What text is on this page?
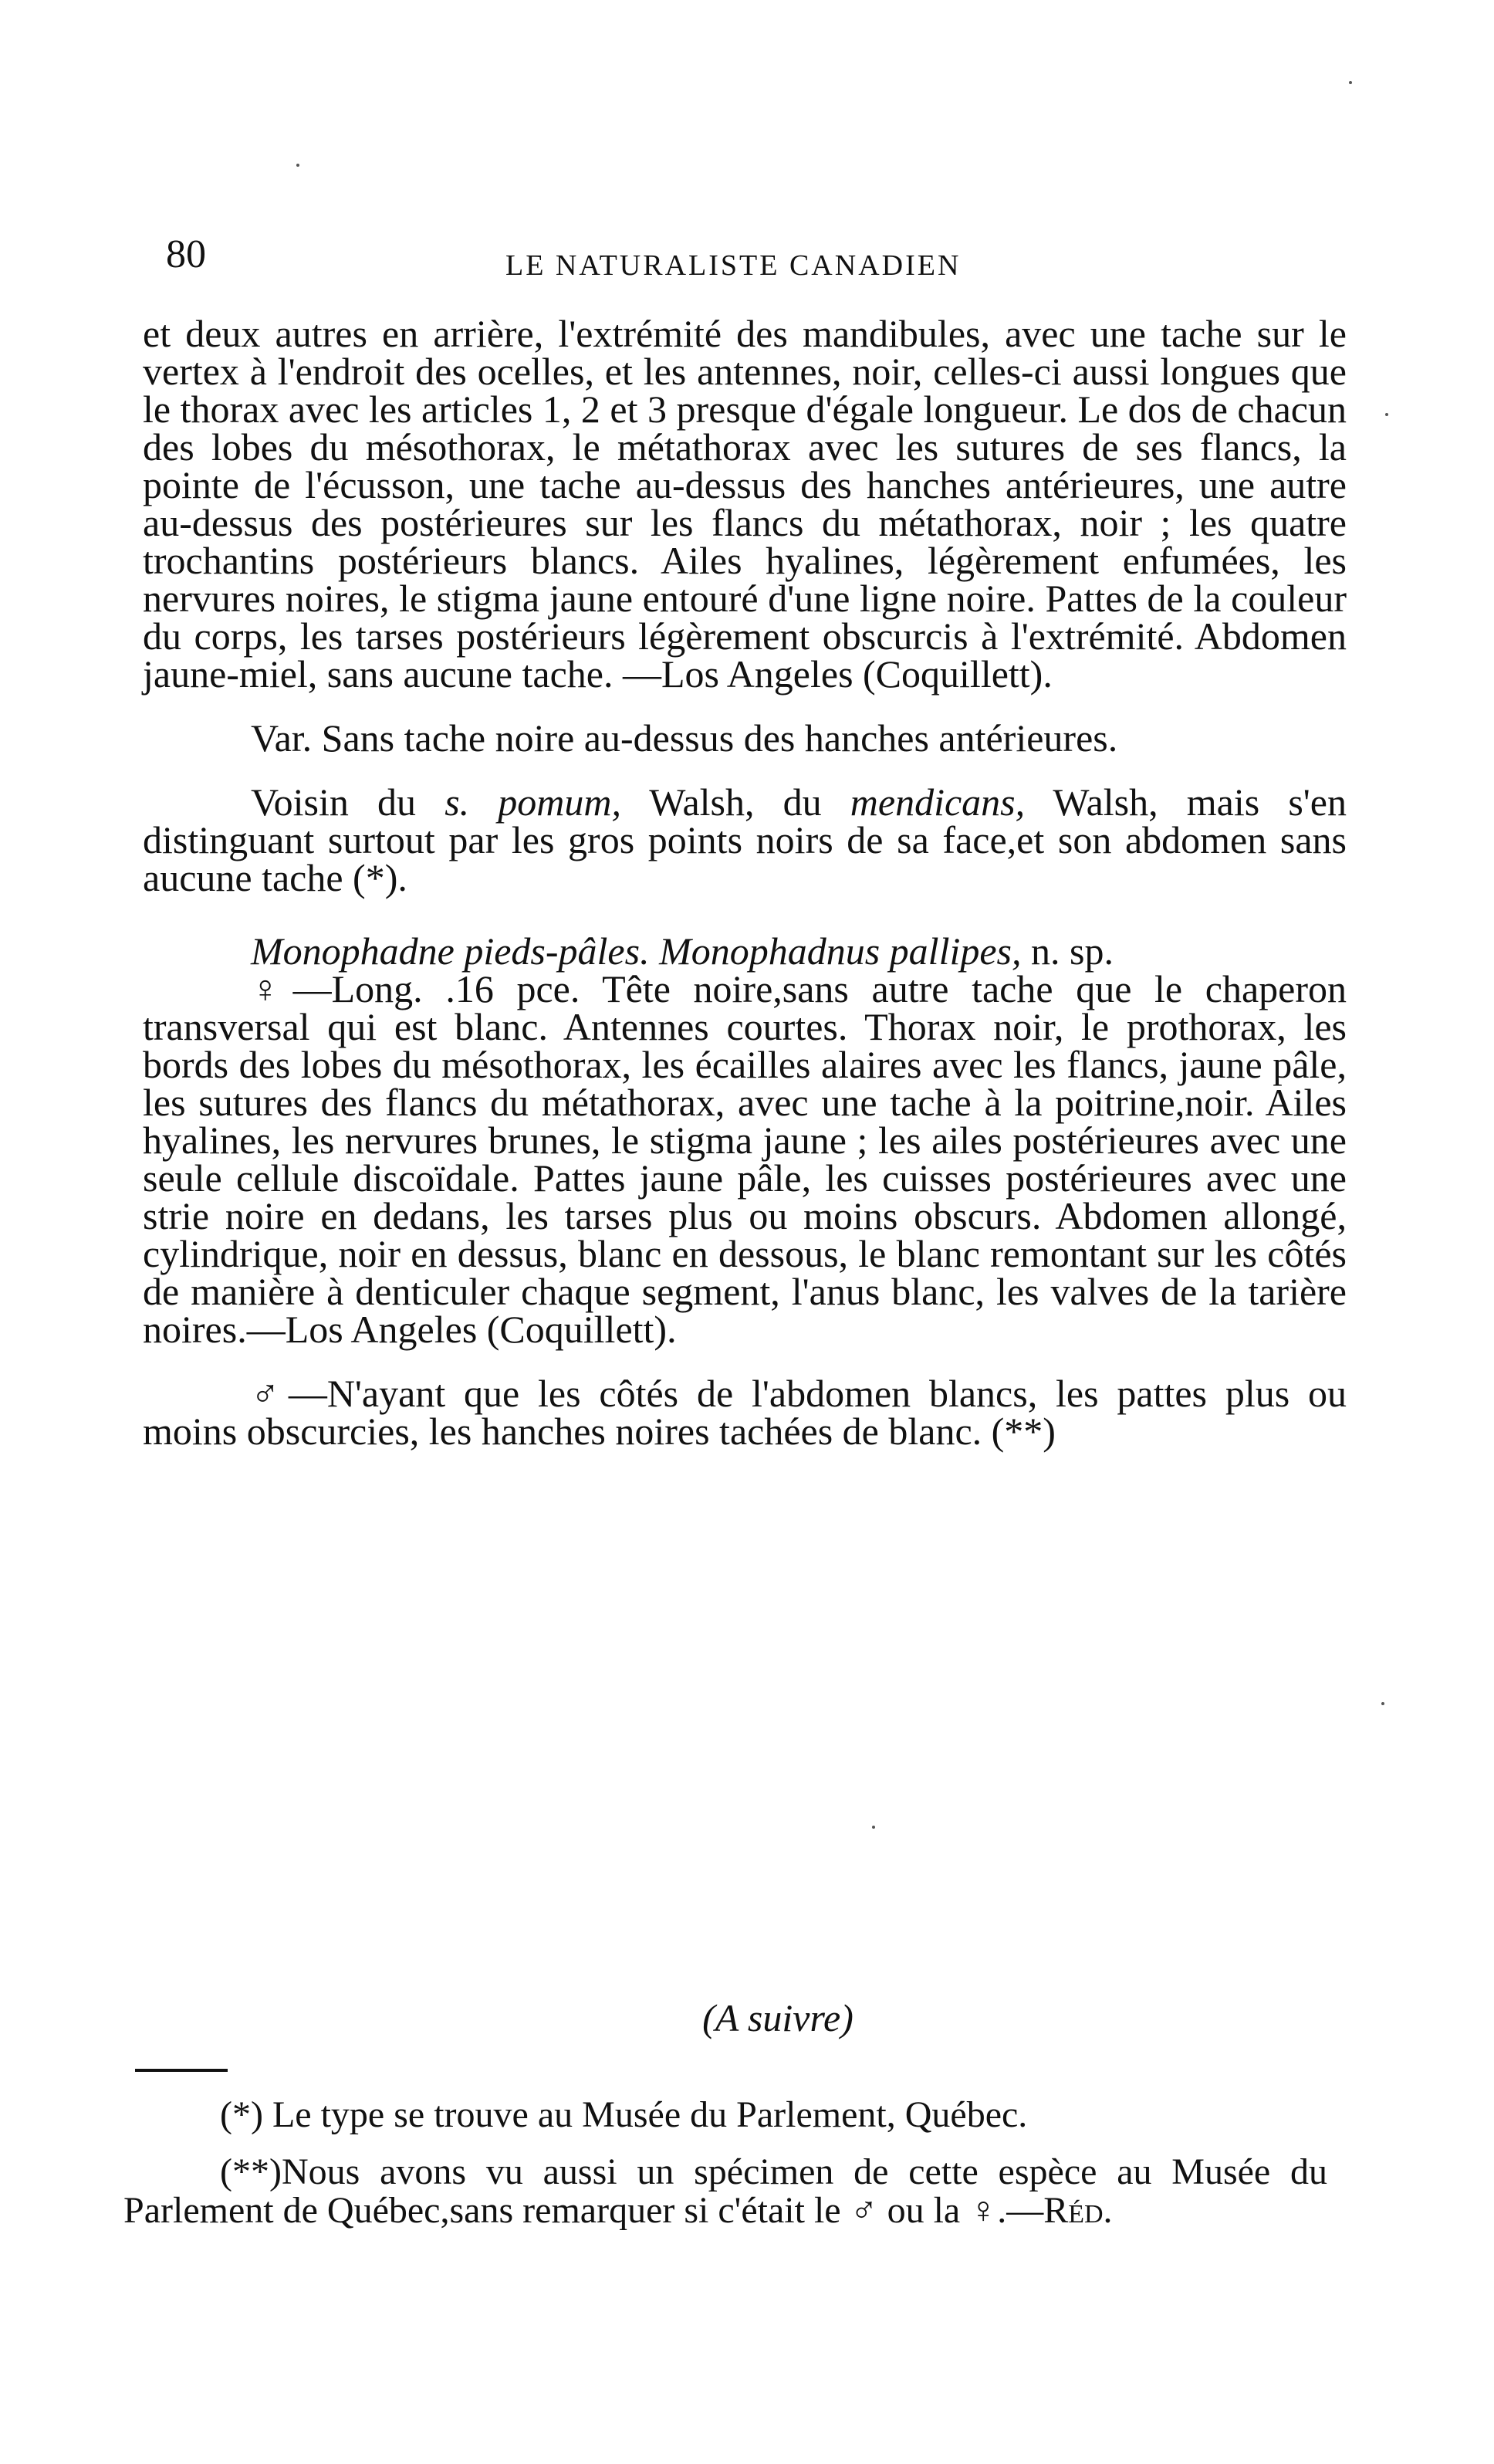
80	LE NATURALISTE CANADIEN

et deux autres en arrière, l'extrémité des mandibules, avec une tache sur le vertex à l'endroit des ocelles, et les antennes, noir, celles-ci aussi longues que le thorax avec les articles 1, 2 et 3 presque d'égale longueur. Le dos de chacun des lobes du mésothorax, le métathorax avec les sutures de ses flancs, la pointe de l'écusson, une tache au-dessus des hanches antérieures, une autre au-dessus des postérieures sur les flancs du métathorax, noir ; les quatre trochantins postérieurs blancs. Ailes hyalines, légèrement enfumées, les nervures noires, le stigma jaune entouré d'une ligne noire. Pattes de la couleur du corps, les tarses postérieurs légèrement obscurcis à l'extrémité. Abdomen jaune-miel, sans aucune tache. —Los Angeles (Coquillett).

Var. Sans tache noire au-dessus des hanches antérieures.

Voisin du s. pomum, Walsh, du mendicans, Walsh, mais s'en distinguant surtout par les gros points noirs de sa face,et son abdomen sans aucune tache (*).

Monophadne pieds-pâles. Monophadnus pallipes, n. sp.

♀—Long. .16 pce. Tête noire,sans autre tache que le chaperon transversal qui est blanc. Antennes courtes. Thorax noir, le prothorax, les bords des lobes du mésothorax, les écailles alaires avec les flancs, jaune pâle, les sutures des flancs du métathorax, avec une tache à la poitrine,noir. Ailes hyalines, les nervures brunes, le stigma jaune ; les ailes postérieures avec une seule cellule discoïdale. Pattes jaune pâle, les cuisses postérieures avec une strie noire en dedans, les tarses plus ou moins obscurs. Abdomen allongé, cylindrique, noir en dessus, blanc en dessous, le blanc remontant sur les côtés de manière à denticuler chaque segment, l'anus blanc, les valves de la tarière noires.—Los Angeles (Coquillett).

♂—N'ayant que les côtés de l'abdomen blancs, les pattes plus ou moins obscurcies, les hanches noires tachées de blanc. (**)

(A suivre)

(*) Le type se trouve au Musée du Parlement, Québec.

(**)Nous avons vu aussi un spécimen de cette espèce au Musée du Parlement de Québec,sans remarquer si c'était le ♂ ou la ♀.—Réd.
